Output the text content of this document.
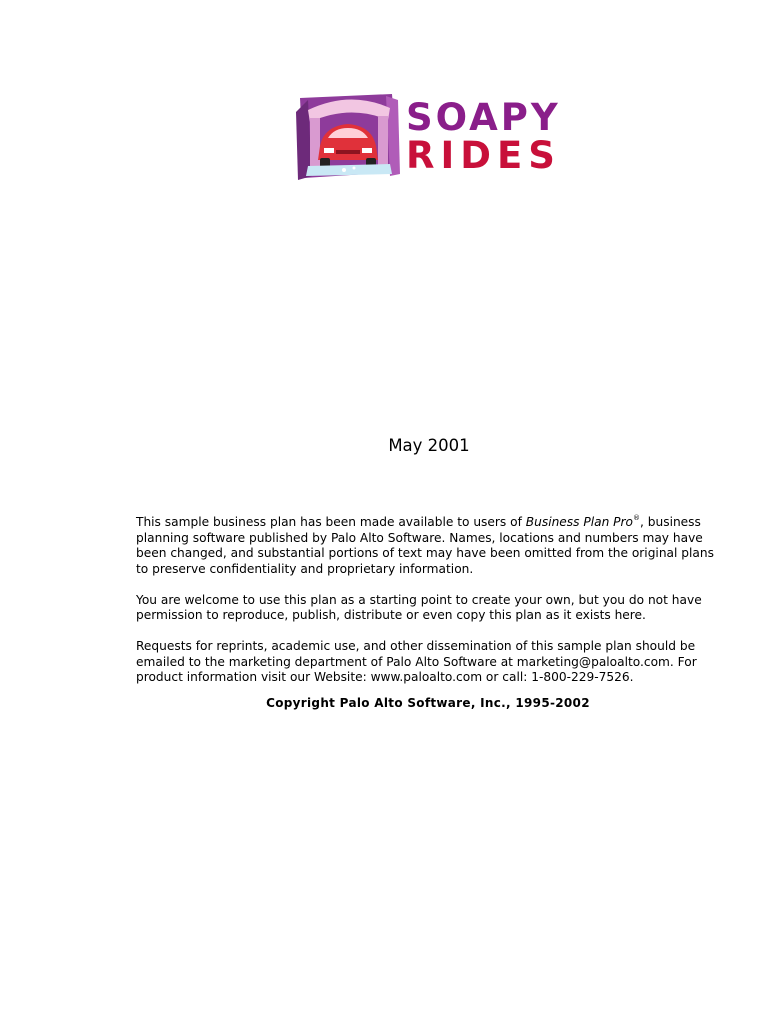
SOAPY
RIDES
May 2001

This sample business plan has been made available to users of Business Plan Pro®, business planning software published by Palo Alto Software. Names, locations and numbers may have been changed, and substantial portions of text may have been omitted from the original plans to preserve confidentiality and proprietary information.

You are welcome to use this plan as a starting point to create your own, but you do not have permission to reproduce, publish, distribute or even copy this plan as it exists here.

Requests for reprints, academic use, and other dissemination of this sample plan should be emailed to the marketing department of Palo Alto Software at marketing@paloalto.com. For product information visit our Website: www.paloalto.com or call: 1-800-229-7526.

Copyright Palo Alto Software, Inc., 1995-2002
